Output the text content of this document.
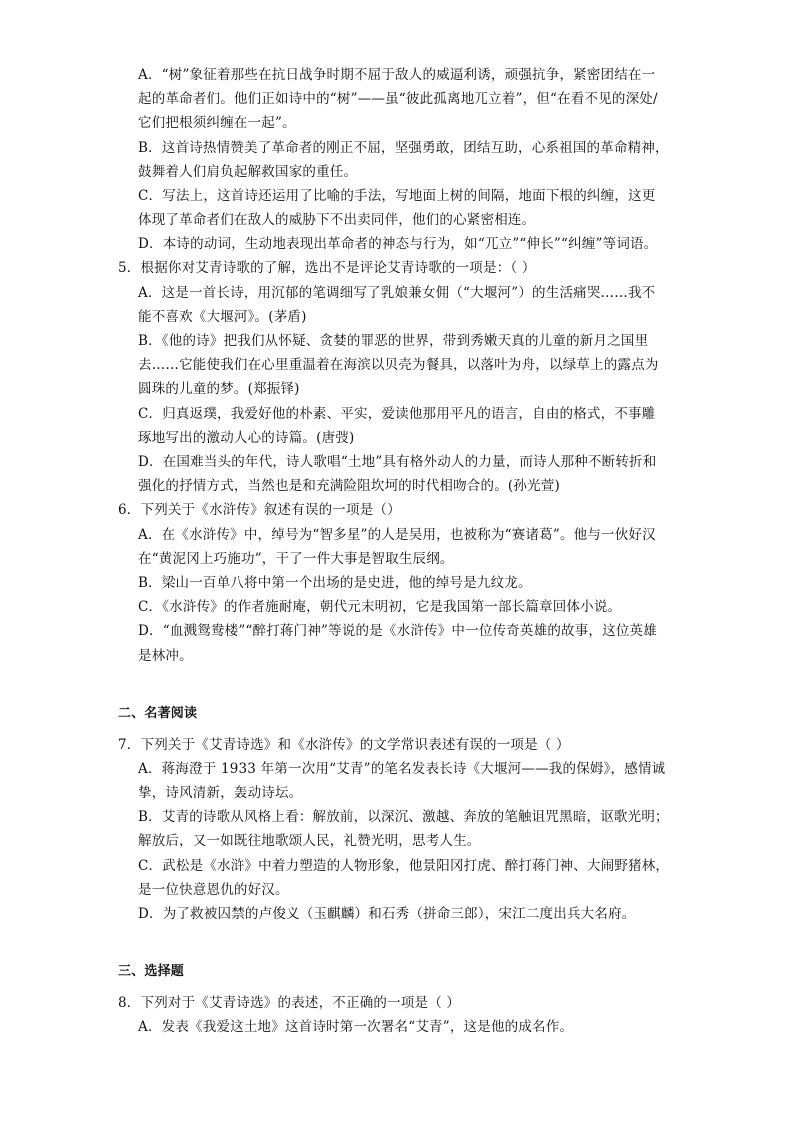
A．“树”象征着那些在抗日战争时期不屈于敌人的威逼利诱，顽强抗争，紧密团结在一
起的革命者们。他们正如诗中的“树”——虽“彼此孤离地兀立着”，但“在看不见的深处/
它们把根须纠缠在一起”。
B．这首诗热情赞美了革命者的刚正不屈，坚强勇敢，团结互助，心系祖国的革命精神，
鼓舞着人们肩负起解救国家的重任。
C．写法上，这首诗还运用了比喻的手法，写地面上树的间隔，地面下根的纠缠，这更
体现了革命者们在敌人的威胁下不出卖同伴，他们的心紧密相连。
D．本诗的动词，生动地表现出革命者的神态与行为，如“兀立”“伸长”“纠缠”等词语。
5．根据你对艾青诗歌的了解，选出不是评论艾青诗歌的一项是：（ ）
A．这是一首长诗，用沉郁的笔调细写了乳娘兼女佣（“大堰河”）的生活痛哭……我不
能不喜欢《大堰河》。(茅盾)
B．《他的诗》把我们从怀疑、贪婪的罪恶的世界，带到秀嫩天真的儿童的新月之国里
去……它能使我们在心里重温着在海滨以贝壳为餐具，以落叶为舟，以绿草上的露点为
圆珠的儿童的梦。(郑振铎)
C．归真返璞，我爱好他的朴素、平实，爱读他那用平凡的语言，自由的格式，不事雕
琢地写出的激动人心的诗篇。(唐弢)
D．在国难当头的年代，诗人歌唱“土地”具有格外动人的力量，而诗人那种不断转折和
强化的抒情方式，当然也是和充满险阻坎坷的时代相吻合的。(孙光萱)
6．下列关于《水浒传》叙述有误的一项是（）
A．在《水浒传》中，绰号为“智多星”的人是吴用，也被称为“赛诸葛”。他与一伙好汉
在“黄泥冈上巧施功”，干了一件大事是智取生辰纲。
B．梁山一百单八将中第一个出场的是史进，他的绰号是九纹龙。
C．《水浒传》的作者施耐庵，朝代元末明初，它是我国第一部长篇章回体小说。
D．“血溅鸳鸯楼”“醉打蒋门神”等说的是《水浒传》中一位传奇英雄的故事，这位英雄
是林冲。
二、名著阅读
7．下列关于《艾青诗选》和《水浒传》的文学常识表述有误的一项是（ ）
A．蒋海澄于 1933 年第一次用“艾青”的笔名发表长诗《大堰河——我的保姆》，感情诚
挚，诗风清新，轰动诗坛。
B．艾青的诗歌从风格上看：解放前，以深沉、激越、奔放的笔触诅咒黑暗，讴歌光明；
解放后，又一如既往地歌颂人民，礼赞光明，思考人生。
C．武松是《水浒》中着力塑造的人物形象，他景阳冈打虎、醉打蒋门神、大闹野猪林，
是一位快意恩仇的好汉。
D．为了救被囚禁的卢俊义（玉麒麟）和石秀（拼命三郎），宋江二度出兵大名府。
三、选择题
8．下列对于《艾青诗选》的表述，不正确的一项是（ ）
A．发表《我爱这土地》这首诗时第一次署名“艾青”，这是他的成名作。
